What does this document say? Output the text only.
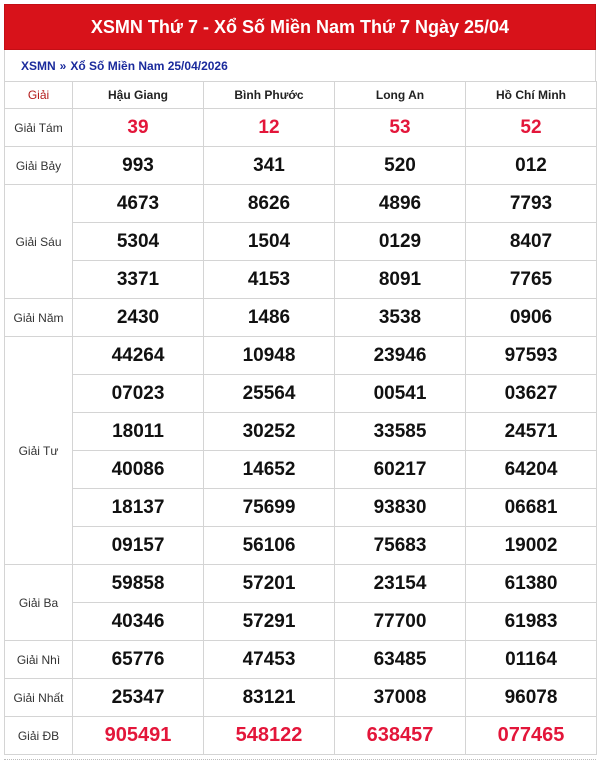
XSMN Thứ 7 - Xổ Số Miền Nam Thứ 7 Ngày 25/04
XSMN » Xổ Số Miền Nam 25/04/2026
Giải	Hậu Giang	Bình Phước	Long An	Hồ Chí Minh
Giải Tám	39	12	53	52
Giải Bảy	993	341	520	012
Giải Sáu	4673	8626	4896	7793
	5304	1504	0129	8407
	3371	4153	8091	7765
Giải Năm	2430	1486	3538	0906
Giải Tư	44264	10948	23946	97593
	07023	25564	00541	03627
	18011	30252	33585	24571
	40086	14652	60217	64204
	18137	75699	93830	06681
	09157	56106	75683	19002
Giải Ba	59858	57201	23154	61380
	40346	57291	77700	61983
Giải Nhì	65776	47453	63485	01164
Giải Nhất	25347	83121	37008	96078
Giải ĐB	905491	548122	638457	077465
